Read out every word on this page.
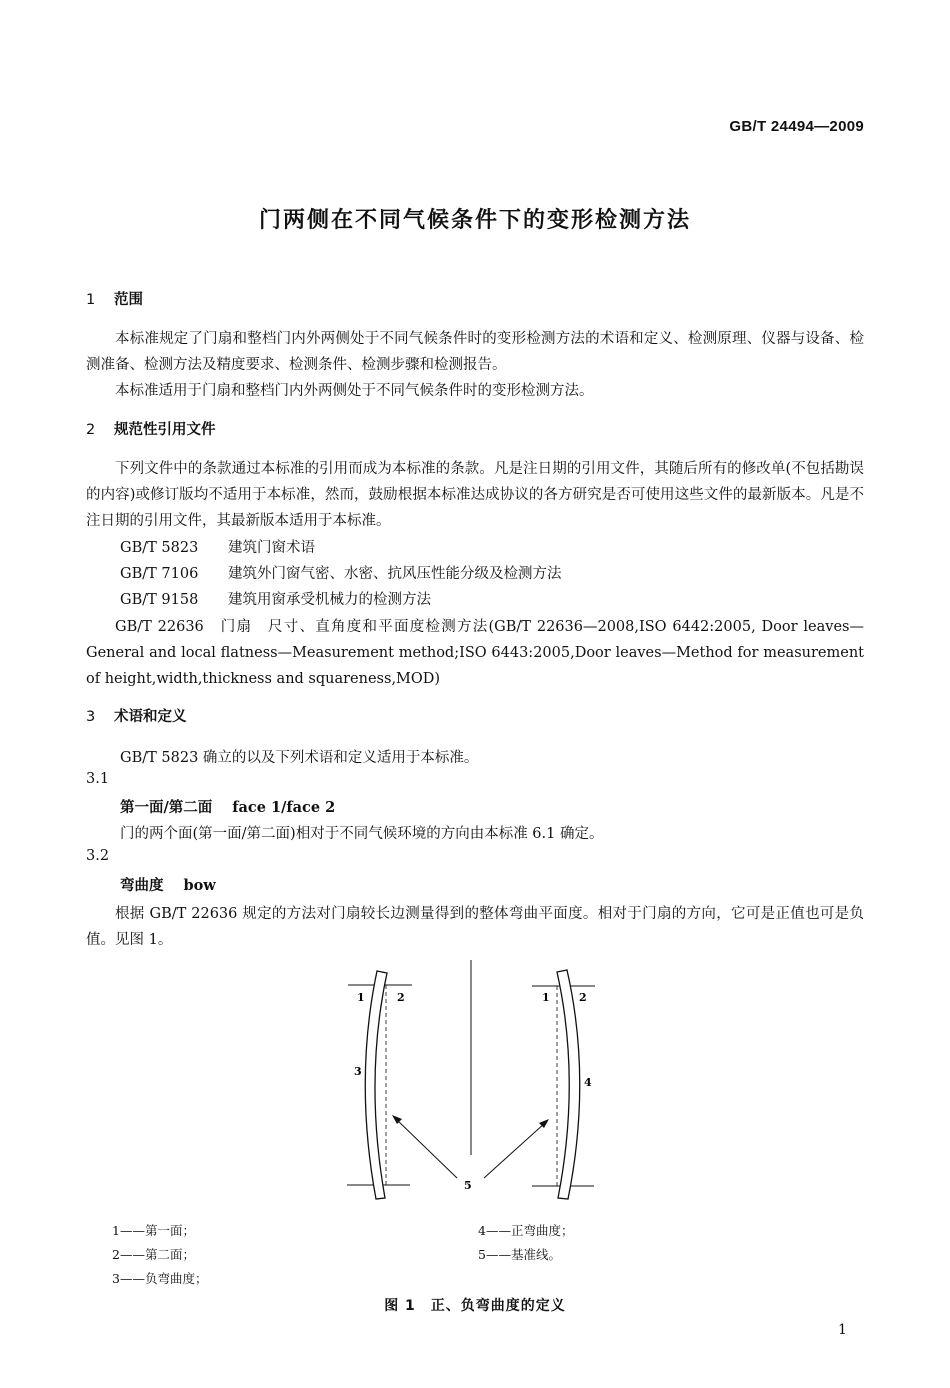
GB/T 24494—2009
门两侧在不同气候条件下的变形检测方法
1 范围
本标准规定了门扇和整档门内外两侧处于不同气候条件时的变形检测方法的术语和定义、检测原理、仪器与设备、检测准备、检测方法及精度要求、检测条件、检测步骤和检测报告。
本标准适用于门扇和整档门内外两侧处于不同气候条件时的变形检测方法。
2 规范性引用文件
下列文件中的条款通过本标准的引用而成为本标准的条款。凡是注日期的引用文件，其随后所有的修改单(不包括勘误的内容)或修订版均不适用于本标准，然而，鼓励根据本标准达成协议的各方研究是否可使用这些文件的最新版本。凡是不注日期的引用文件，其最新版本适用于本标准。
GB/T 5823 建筑门窗术语
GB/T 7106 建筑外门窗气密、水密、抗风压性能分级及检测方法
GB/T 9158 建筑用窗承受机械力的检测方法
GB/T 22636　门扇　尺寸、直角度和平面度检测方法(GB/T 22636—2008,ISO 6442:2005, Door leaves—General and local flatness—Measurement method;ISO 6443:2005,Door leaves—Method for measurement of height,width,thickness and squareness,MOD)
3 术语和定义
GB/T 5823 确立的以及下列术语和定义适用于本标准。
3.1
第一面/第二面 face 1/face 2
门的两个面(第一面/第二面)相对于不同气候环境的方向由本标准 6.1 确定。
3.2
弯曲度 bow
根据 GB/T 22636 规定的方法对门扇较长边测量得到的整体弯曲平面度。相对于门扇的方向，它可是正值也可是负值。见图 1。
1	2
3
5
1	2
4
1——第一面；
2——第二面；
3——负弯曲度；
4——正弯曲度；
5——基准线。
图 1　正、负弯曲度的定义
1
